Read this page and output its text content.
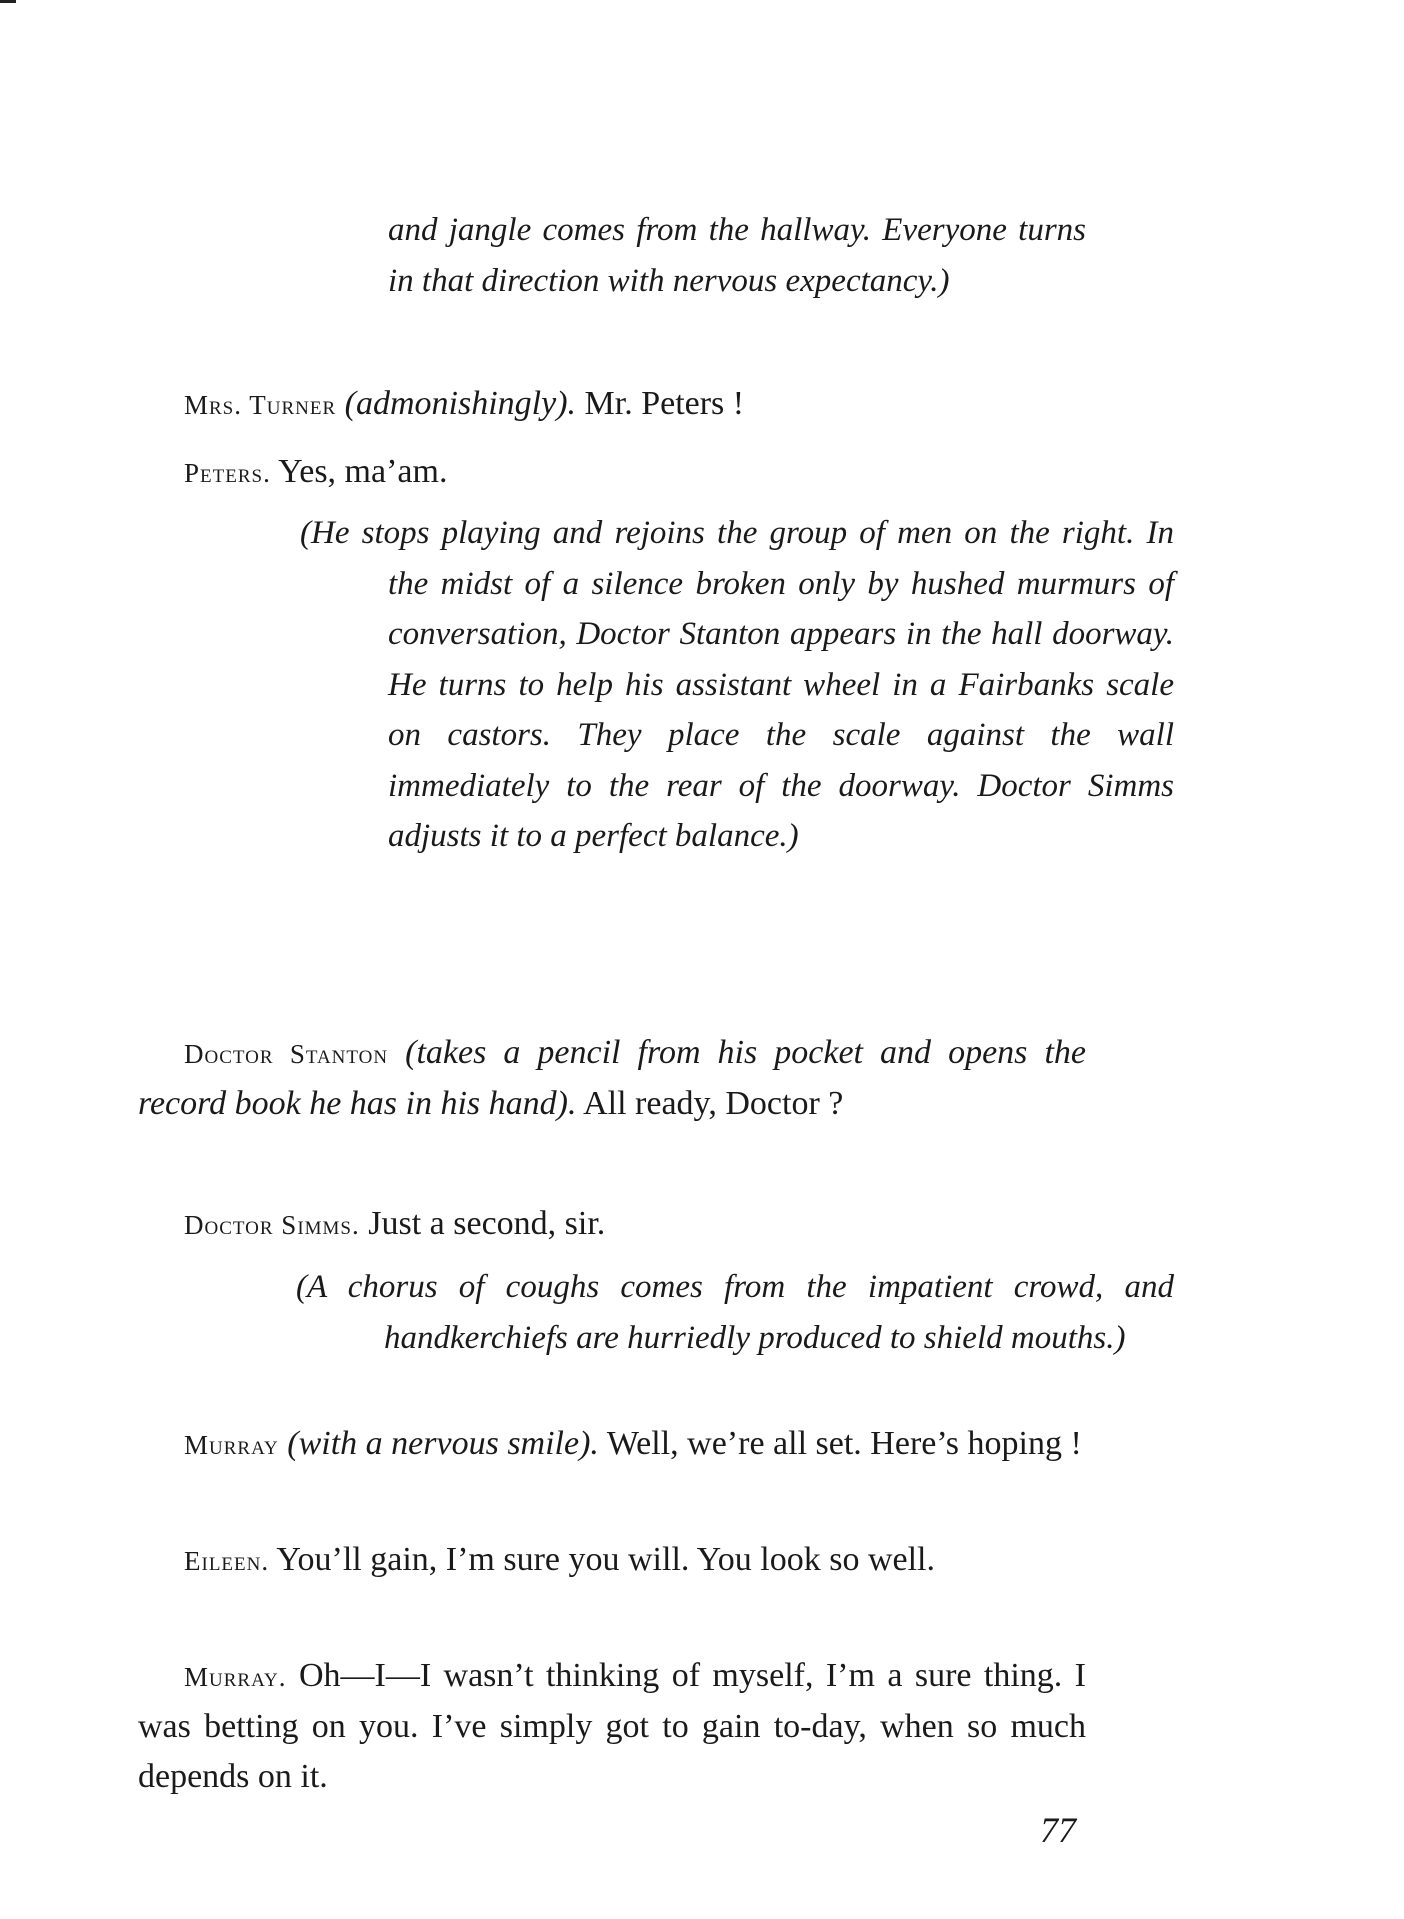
and jangle comes from the hallway. Everyone turns in that direction with nervous expectancy.)

Mrs. Turner (admonishingly). Mr. Peters !

Peters. Yes, ma’am.

(He stops playing and rejoins the group of men on the right. In the midst of a silence broken only by hushed murmurs of conversation, Doctor Stanton appears in the hall doorway. He turns to help his assistant wheel in a Fairbanks scale on castors. They place the scale against the wall immediately to the rear of the doorway. Doctor Simms adjusts it to a perfect balance.)

Doctor Stanton (takes a pencil from his pocket and opens the record book he has in his hand). All ready, Doctor ?

Doctor Simms. Just a second, sir.

(A chorus of coughs comes from the impatient crowd, and handkerchiefs are hurriedly produced to shield mouths.)

Murray (with a nervous smile). Well, we’re all set. Here’s hoping !

Eileen. You’ll gain, I’m sure you will. You look so well.

Murray. Oh—I—I wasn’t thinking of myself, I’m a sure thing. I was betting on you. I’ve simply got to gain to-day, when so much depends on it.

77
